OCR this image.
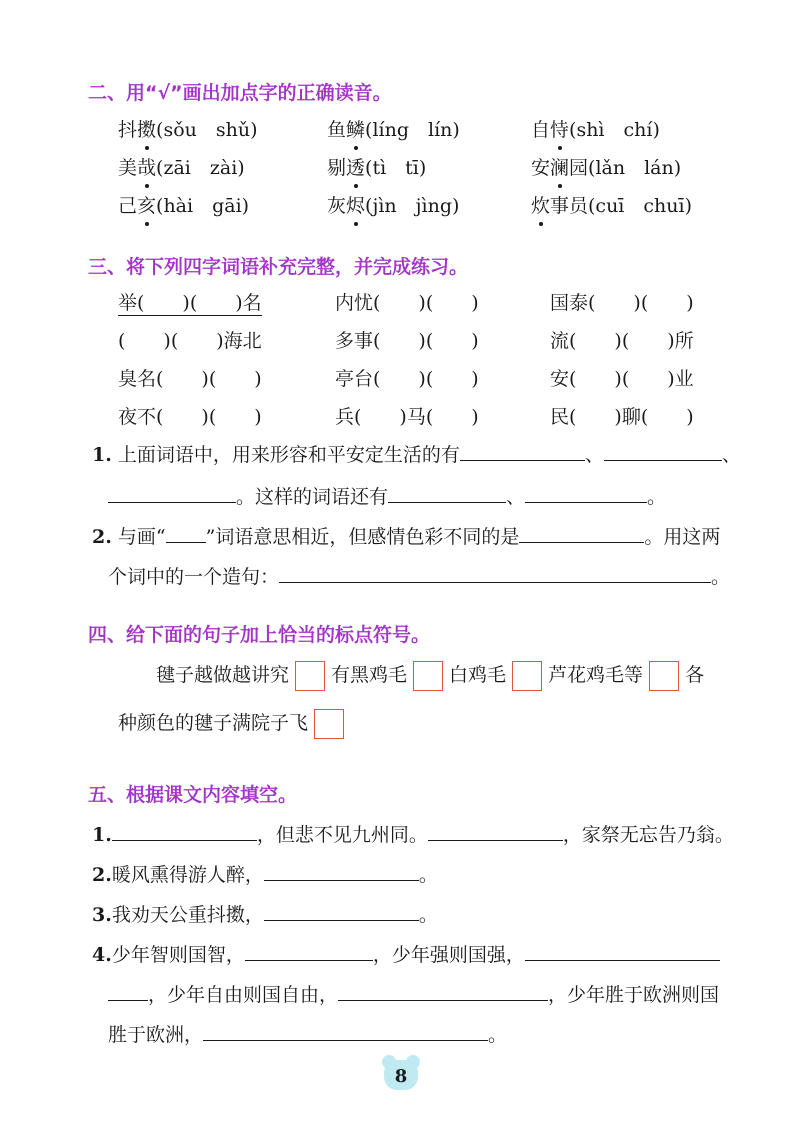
二、用“√”画出加点字的正确读音。
抖擞(sǒu　shǔ)	鱼鳞(líng　lín)	自恃(shì　chí)
美哉(zāi　zài)	剔透(tì　tī)	安澜园(lǎn　lán)
己亥(hài　gāi)	灰烬(jìn　jìng)	炊事员(cuī　chuī)
三、将下列四字词语补充完整，并完成练习。
举(　　)(　　)名	内忧(　　)(　　)	国泰(　　)(　　)
(　　)(　　)海北	多事(　　)(　　)	流(　　)(　　)所
臭名(　　)(　　)	亭台(　　)(　　)	安(　　)(　　)业
夜不(　　)(　　)	兵(　　)马(　　)	民(　　)聊(　　)
1. 上面词语中，用来形容和平安定生活的有	、	、
。这样的词语还有	、	。
2. 与画“ ”词语意思相近，但感情色彩不同的是	。用这两
个词中的一个造句：	。
四、给下面的句子加上恰当的标点符号。
毽子越做越讲究 有黑鸡毛 白鸡毛 芦花鸡毛等 各
种颜色的毽子满院子飞
五、根据课文内容填空。
1.	，但悲不见九州同。	，家祭无忘告乃翁。
2.暖风熏得游人醉，	。
3.我劝天公重抖擞，	。
4.少年智则国智，	，少年强则国强，
，少年自由则国自由，	，少年胜于欧洲则国
胜于欧洲，	。
8
